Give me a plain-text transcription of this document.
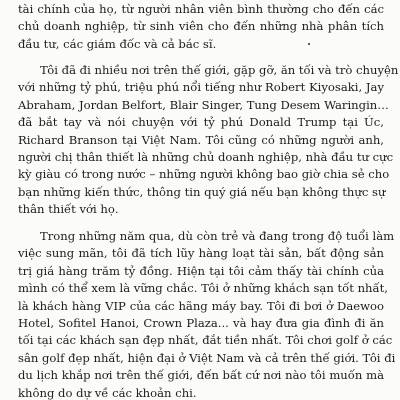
tài chính của họ, từ người nhân viên bình thường cho đến các
chủ doanh nghiệp, từ sinh viên cho đến những nhà phân tích
đầu tư, các giám đốc và cả bác sĩ.
Tôi đã đi nhiều nơi trên thế giới, gặp gỡ, ăn tối và trò chuyện
với những tỷ phú, triệu phú nổi tiếng như Robert Kiyosaki, Jay
Abraham, Jordan Belfort, Blair Singer, Tung Desem Waringin…
đã bắt tay và nói chuyện với tỷ phú Donald Trump tại Úc,
Richard Branson tại Việt Nam. Tôi cũng có những người anh,
người chị thân thiết là những chủ doanh nghiệp, nhà đầu tư cực
kỳ giàu có trong nước – những người không bao giờ chia sẻ cho
bạn những kiến thức, thông tin quý giá nếu bạn không thực sự
thân thiết với họ.
Trong những năm qua, dù còn trẻ và đang trong độ tuổi làm
việc sung mãn, tôi đã tích lũy hàng loạt tài sản, bất động sản
trị giá hàng trăm tỷ đồng. Hiện tại tôi cảm thấy tài chính của
mình có thể xem là vững chắc. Tôi ở những khách sạn tốt nhất,
là khách hàng VIP của các hãng máy bay. Tôi đi bơi ở Daewoo
Hotel, Sofitel Hanoi, Crown Plaza... và hay đưa gia đình đi ăn
tối tại các khách sạn đẹp nhất, đắt tiền nhất. Tôi chơi golf ở các
sân golf đẹp nhất, hiện đại ở Việt Nam và cả trên thế giới. Tôi đi
du lịch khắp nơi trên thế giới, đến bất cứ nơi nào tôi muốn mà
không do dự về các khoản chi.
